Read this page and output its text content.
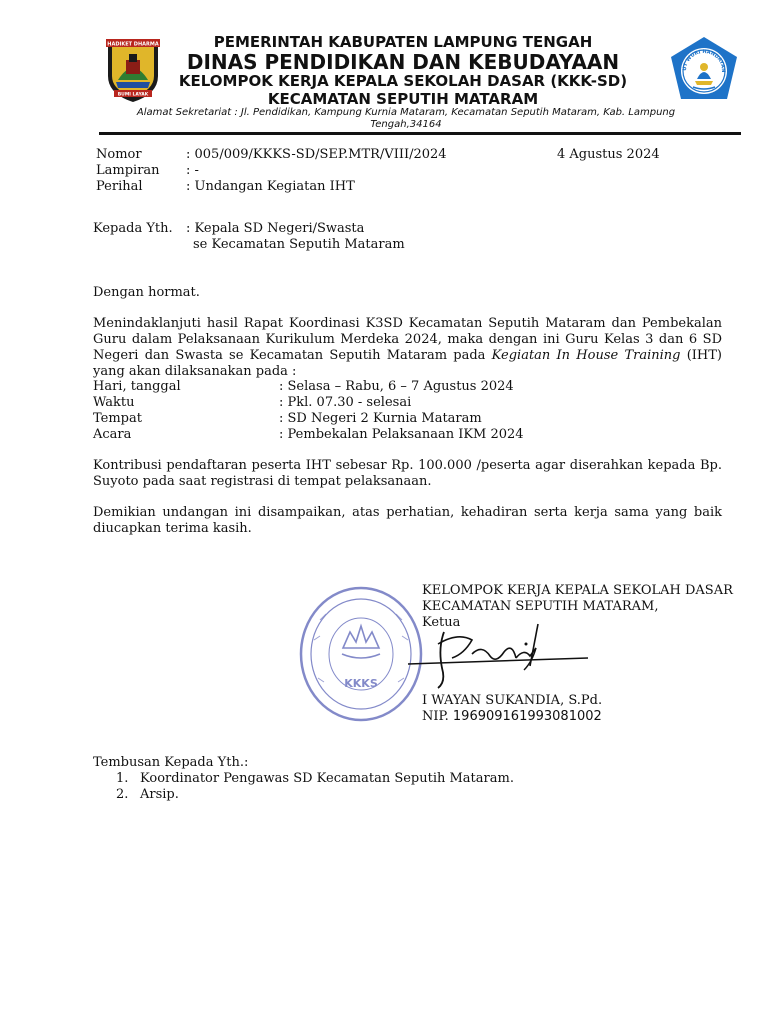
HADIKET DHARMA
BUMI LAYAK
PEMERINTAH KABUPATEN LAMPUNG TENGAH
DINAS PENDIDIKAN DAN KEBUDAYAAN
KELOMPOK KERJA KEPALA SEKOLAH DASAR (KKK-SD)
KECAMATAN SEPUTIH MATARAM
Alamat Sekretariat : Jl. Pendidikan, Kampung Kurnia Mataram, Kecamatan Seputih Mataram, Kab. Lampung
Tengah,34164
UT WURI HANDAYAN
Nomor	: 005/009/KKKS-SD/SEP.MTR/VIII/2024	4 Agustus 2024
Lampiran : -
Perihal	: Undangan Kegiatan IHT
Kepada Yth. : Kepala SD Negeri/Swasta
se Kecamatan Seputih Mataram
Dengan hormat.
Menindaklanjuti hasil Rapat Koordinasi K3SD Kecamatan Seputih Mataram dan Pembekalan Guru dalam Pelaksanaan Kurikulum Merdeka 2024, maka dengan ini Guru Kelas 3 dan 6 SD Negeri dan Swasta se Kecamatan Seputih Mataram pada Kegiatan In House Training (IHT) yang akan dilaksanakan pada :
Hari, tanggal	: Selasa – Rabu, 6 – 7 Agustus 2024
Waktu	: Pkl. 07.30 - selesai
Tempat	: SD Negeri 2 Kurnia Mataram
Acara	: Pembekalan Pelaksanaan IKM 2024
Kontribusi pendaftaran peserta IHT sebesar Rp. 100.000 /peserta agar diserahkan kepada Bp. Suyoto pada saat registrasi di tempat pelaksanaan.
Demikian undangan ini disampaikan, atas perhatian, kehadiran serta kerja sama yang baik diucapkan terima kasih.
KKKS
KELOMPOK KERJA KEPALA SEKOLAH DASAR
KECAMATAN SEPUTIH MATARAM,
Ketua
I WAYAN SUKANDIA, S.Pd.
NIP. 196909161993081002
Tembusan Kepada Yth.:
1. Koordinator Pengawas SD Kecamatan Seputih Mataram.
2. Arsip.
